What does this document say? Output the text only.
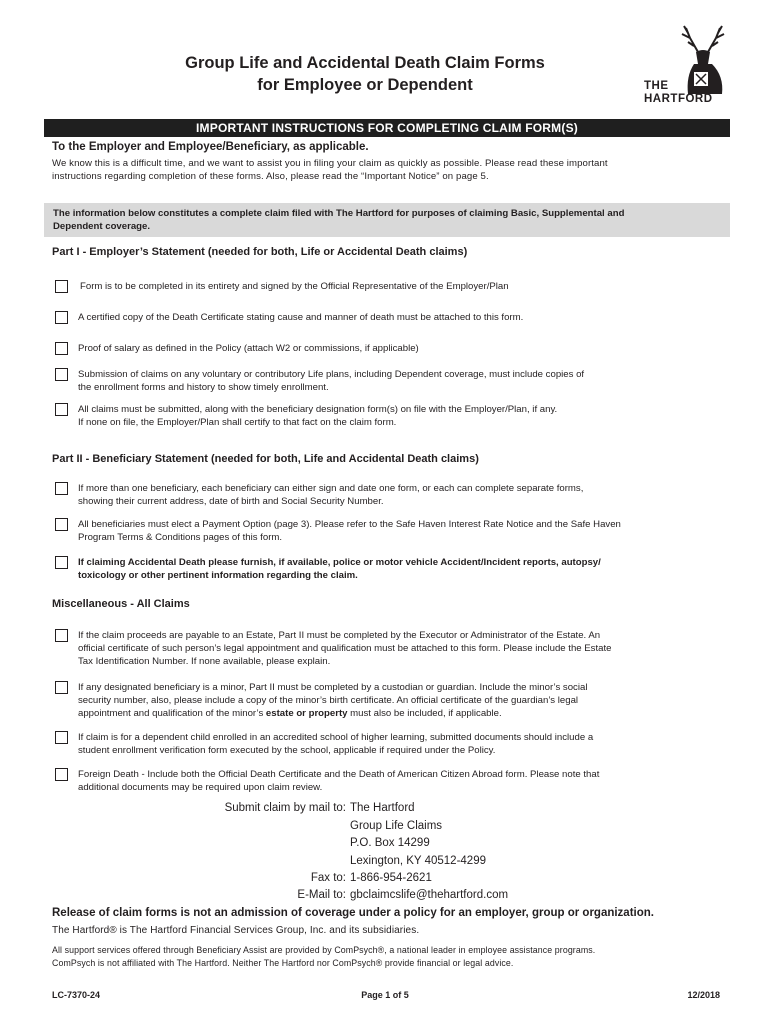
Group Life and Accidental Death Claim Forms
for Employee or Dependent	THE
HARTFORD
IMPORTANT INSTRUCTIONS FOR COMPLETING CLAIM FORM(S)
To the Employer and Employee/Beneficiary, as applicable.
We know this is a difficult time, and we want to assist you in filing your claim as quickly as possible. Please read these important
instructions regarding completion of these forms. Also, please read the “Important Notice” on page 5.
The information below constitutes a complete claim filed with The Hartford for purposes of claiming Basic, Supplemental and
Dependent coverage.
Part I - Employer’s Statement (needed for both, Life or Accidental Death claims)
Form is to be completed in its entirety and signed by the Official Representative of the Employer/Plan
A certified copy of the Death Certificate stating cause and manner of death must be attached to this form.
Proof of salary as defined in the Policy (attach W2 or commissions, if applicable)
Submission of claims on any voluntary or contributory Life plans, including Dependent coverage, must include copies of
the enrollment forms and history to show timely enrollment.
All claims must be submitted, along with the beneficiary designation form(s) on file with the Employer/Plan, if any.
If none on file, the Employer/Plan shall certify to that fact on the claim form.
Part II - Beneficiary Statement (needed for both, Life and Accidental Death claims)
If more than one beneficiary, each beneficiary can either sign and date one form, or each can complete separate forms,
showing their current address, date of birth and Social Security Number.
All beneficiaries must elect a Payment Option (page 3). Please refer to the Safe Haven Interest Rate Notice and the Safe Haven
Program Terms & Conditions pages of this form.
If claiming Accidental Death please furnish, if available, police or motor vehicle Accident/Incident reports, autopsy/
toxicology or other pertinent information regarding the claim.
Miscellaneous - All Claims
If the claim proceeds are payable to an Estate, Part II must be completed by the Executor or Administrator of the Estate. An
official certificate of such person’s legal appointment and qualification must be attached to this form. Please include the Estate
Tax Identification Number. If none available, please explain.
If any designated beneficiary is a minor, Part II must be completed by a custodian or guardian. Include the minor’s social
security number, also, please include a copy of the minor’s birth certificate. An official certificate of the guardian’s legal
appointment and qualification of the minor’s estate or property must also be included, if applicable.
If claim is for a dependent child enrolled in an accredited school of higher learning, submitted documents should include a
student enrollment verification form executed by the school, applicable if required under the Policy.
Foreign Death - Include both the Official Death Certificate and the Death of American Citizen Abroad form. Please note that
additional documents may be required upon claim review.
Submit claim by mail to: The Hartford
Group Life Claims
P.O. Box 14299
Lexington, KY 40512-4299
Fax to: 1-866-954-2621
E-Mail to: gbclaimcslife@thehartford.com
Release of claim forms is not an admission of coverage under a policy for an employer, group or organization.
The Hartford® is The Hartford Financial Services Group, Inc. and its subsidiaries.
All support services offered through Beneficiary Assist are provided by ComPsych®, a national leader in employee assistance programs.
ComPsych is not affiliated with The Hartford. Neither The Hartford nor ComPsych® provide financial or legal advice.
LC-7370-24	Page 1 of 5	12/2018
